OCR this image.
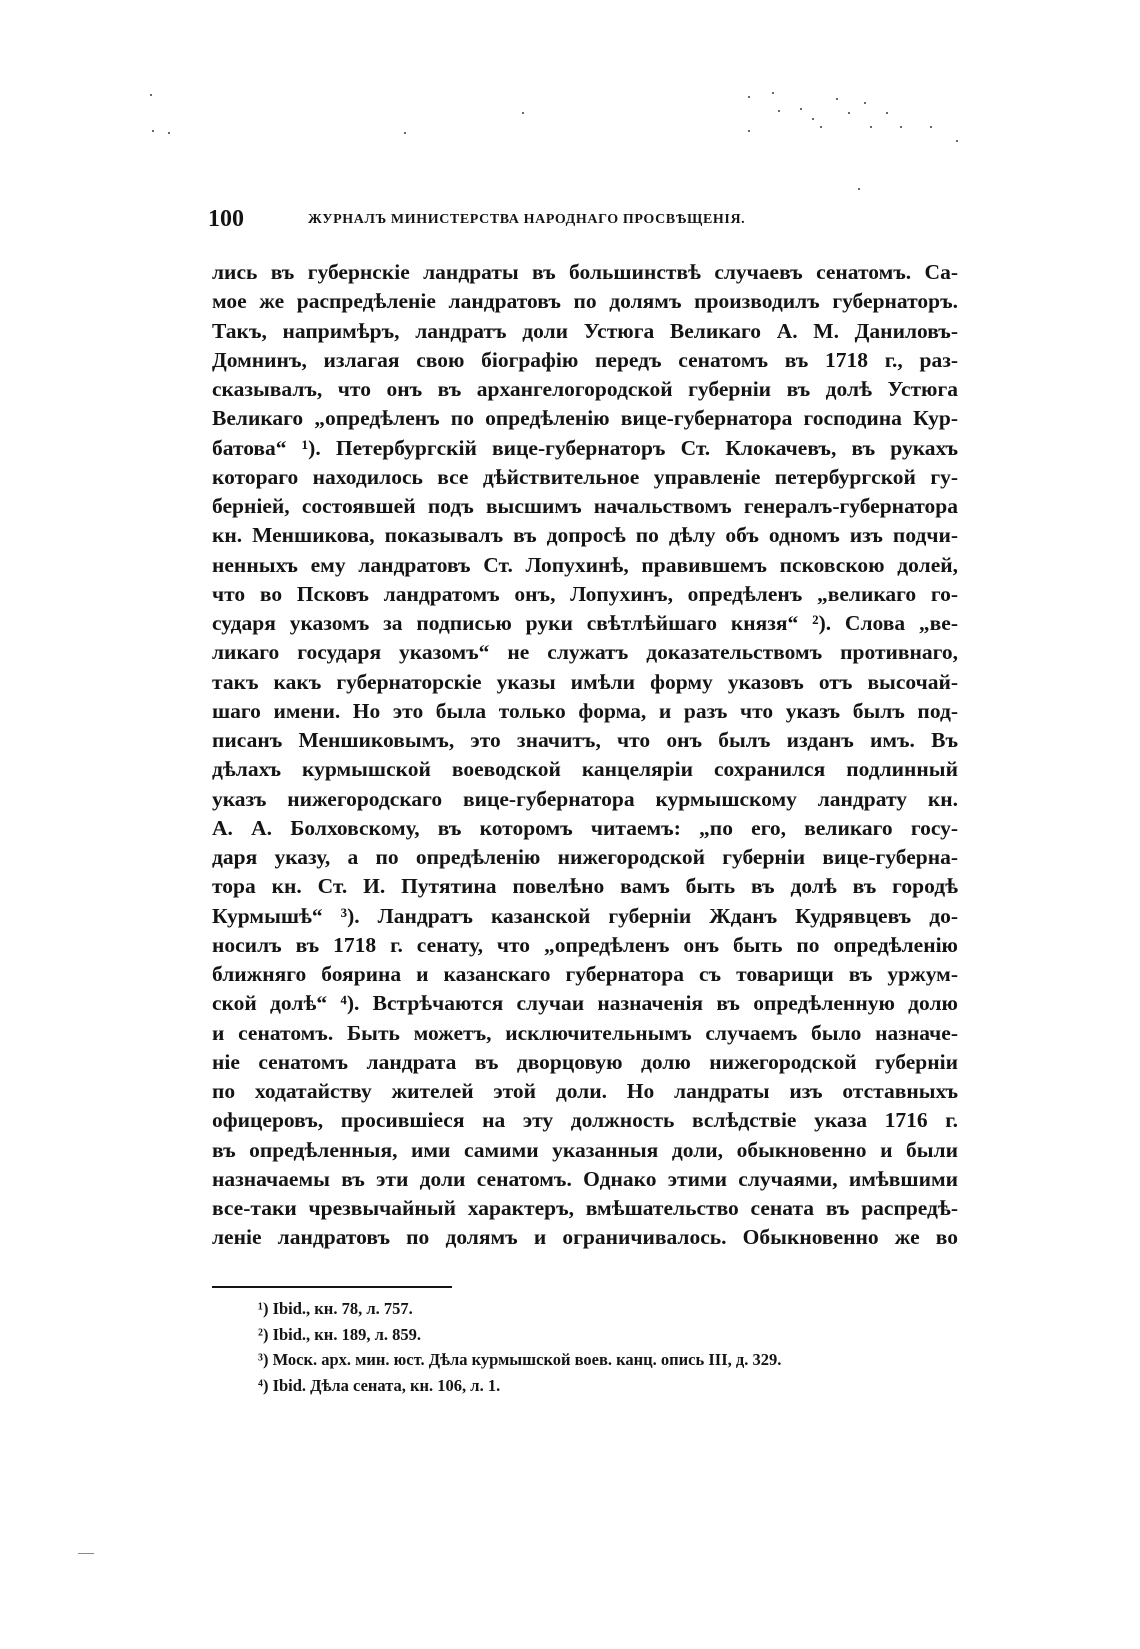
100	ЖУРНАЛЪ МИНИСТЕРСТВА НАРОДНАГО ПРОСВѢЩЕНІЯ.
лись въ губернскіе ландраты въ большинствѣ случаевъ сенатомъ. Са-
мое же распредѣленіе ландратовъ по долямъ производилъ губернаторъ.
Такъ, напримѣръ, ландратъ доли Устюга Великаго А. М. Даниловъ-
Домнинъ, излагая свою біографію передъ сенатомъ въ 1718 г., раз-
сказывалъ, что онъ въ архангелогородской губерніи въ долѣ Устюга
Великаго „опредѣленъ по опредѣленію вице-губернатора господина Кур-
батова“ ¹). Петербургскій вице-губернаторъ Ст. Клокачевъ, въ рукахъ
котораго находилось все дѣйствительное управленіе петербургской гу-
берніей, состоявшей подъ высшимъ начальствомъ генералъ-губернатора
кн. Меншикова, показывалъ въ допросѣ по дѣлу объ одномъ изъ подчи-
ненныхъ ему ландратовъ Ст. Лопухинѣ, правившемъ псковскою долей,
что во Псковъ ландратомъ онъ, Лопухинъ, опредѣленъ „великаго го-
сударя указомъ за подписью руки свѣтлѣйшаго князя“ ²). Слова „ве-
ликаго государя указомъ“ не служатъ доказательствомъ противнаго,
такъ какъ губернаторскіе указы имѣли форму указовъ отъ высочай-
шаго имени. Но это была только форма, и разъ что указъ былъ под-
писанъ Меншиковымъ, это значитъ, что онъ былъ изданъ имъ. Въ
дѣлахъ курмышской воеводской канцеляріи сохранился подлинный
указъ нижегородскаго вице-губернатора курмышскому ландрату кн.
А. А. Болховскому, въ которомъ читаемъ: „по его, великаго госу-
даря указу, а по опредѣленію нижегородской губерніи вице-губерна-
тора кн. Ст. И. Путятина повелѣно вамъ быть въ долѣ въ городѣ
Курмышѣ“ ³). Ландратъ казанской губерніи Жданъ Кудрявцевъ до-
носилъ въ 1718 г. сенату, что „опредѣленъ онъ быть по опредѣленію
ближняго боярина и казанскаго губернатора съ товарищи въ уржум-
ской долѣ“ ⁴). Встрѣчаются случаи назначенія въ опредѣленную долю
и сенатомъ. Быть можетъ, исключительнымъ случаемъ было назначе-
ніе сенатомъ ландрата въ дворцовую долю нижегородской губерніи
по ходатайству жителей этой доли. Но ландраты изъ отставныхъ
офицеровъ, просившіеся на эту должность вслѣдствіе указа 1716 г.
въ опредѣленныя, ими самими указанныя доли, обыкновенно и были
назначаемы въ эти доли сенатомъ. Однако этими случаями, имѣвшими
все-таки чрезвычайный характеръ, вмѣшательство сената въ распредѣ-
леніе ландратовъ по долямъ и ограничивалось. Обыкновенно же во
¹) Ibid., кн. 78, л. 757.
²) Ibid., кн. 189, л. 859.
³) Моск. арх. мин. юст. Дѣла курмышской воев. канц. опись III, д. 329.
⁴) Ibid. Дѣла сената, кн. 106, л. 1.
